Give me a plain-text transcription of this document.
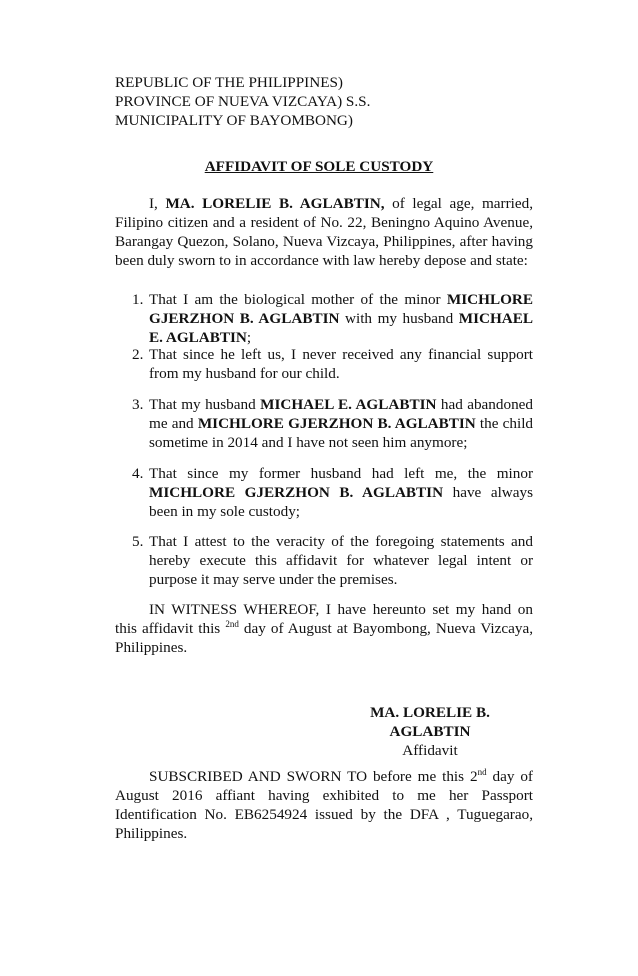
REPUBLIC OF THE PHILIPPINES)
PROVINCE OF NUEVA VIZCAYA) S.S.
MUNICIPALITY OF BAYOMBONG)
AFFIDAVIT OF SOLE CUSTODY
I, MA. LORELIE B. AGLABTIN, of legal age, married, Filipino citizen and a resident of No. 22, Beningno Aquino Avenue, Barangay Quezon, Solano, Nueva Vizcaya, Philippines, after having been duly sworn to in accordance with law hereby depose and state:
1. That I am the biological mother of the minor MICHLORE GJERZHON B. AGLABTIN with my husband MICHAEL E. AGLABTIN;
2. That since he left us, I never received any financial support from my husband for our child.
3. That my husband MICHAEL E. AGLABTIN had abandoned me and MICHLORE GJERZHON B. AGLABTIN the child sometime in 2014 and I have not seen him anymore;
4. That since my former husband had left me, the minor MICHLORE GJERZHON B. AGLABTIN have always been in my sole custody;
5. That I attest to the veracity of the foregoing statements and hereby execute this affidavit for whatever legal intent or purpose it may serve under the premises.
IN WITNESS WHEREOF, I have hereunto set my hand on this affidavit this $^{2nd}$ day of August at Bayombong, Nueva Vizcaya, Philippines.
MA. LORELIE B. AGLABTIN
Affidavit
SUBSCRIBED AND SWORN TO before me this 2nd day of August 2016 affiant having exhibited to me her Passport Identification No. EB6254924 issued by the DFA , Tuguegarao, Philippines.
